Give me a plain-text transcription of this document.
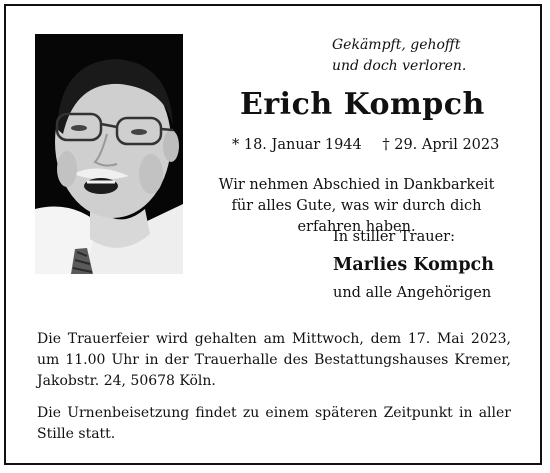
Gekämpft, gehofft
und doch verloren.
Erich Kompch
* 18. Januar 1944 † 29. April 2023
Wir nehmen Abschied in Dankbarkeit für alles Gute, was wir durch dich erfahren haben.
In stiller Trauer:
Marlies Kompch
und alle Angehörigen
Die Trauerfeier wird gehalten am Mittwoch, dem 17. Mai 2023, um 11.00 Uhr in der Trauerhalle des Bestattungshauses Kremer, Jakobstr. 24, 50678 Köln.
Die Urnenbeisetzung findet zu einem späteren Zeitpunkt in aller Stille statt.
